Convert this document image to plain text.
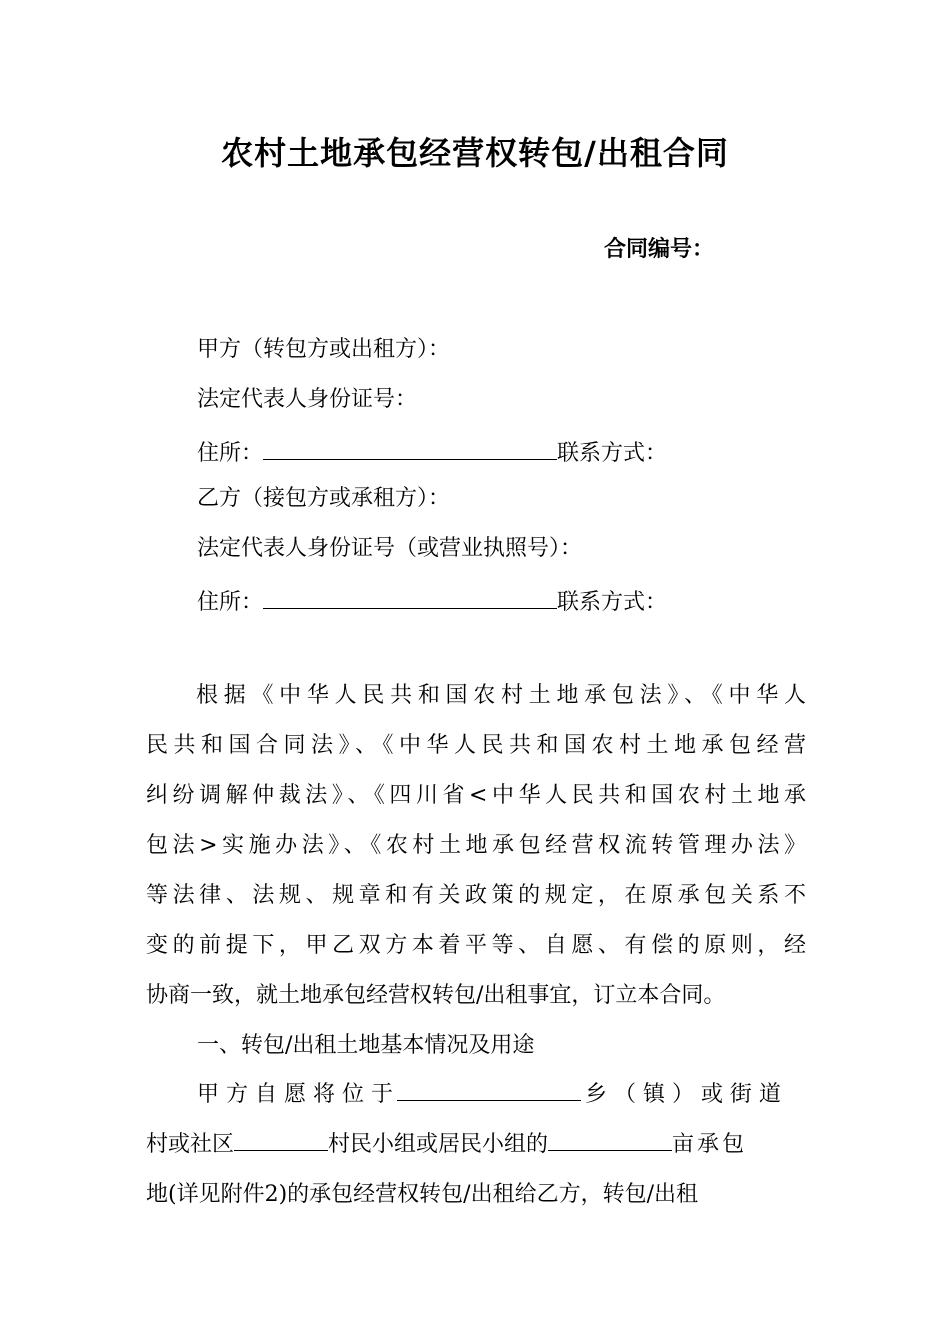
农村土地承包经营权转包/出租合同
合同编号：
甲方（转包方或出租方）：
法定代表人身份证号：
住所：	联系方式：
乙方（接包方或承租方）：
法定代表人身份证号（或营业执照号）：
住所：	联系方式：
根据《中华人民共和国农村土地承包法》、《中华人
民共和国合同法》、《中华人民共和国农村土地承包经营
纠纷调解仲裁法》、《四川省<中华人民共和国农村土地承
包法>实施办法》、《农村土地承包经营权流转管理办法》
等法律、法规、规章和有关政策的规定，在原承包关系不
变的前提下，甲乙双方本着平等、自愿、有偿的原则，经
协商一致，就土地承包经营权转包/出租事宜，订立本合同。
一、转包/出租土地基本情况及用途
甲 方 自 愿 将 位 于	乡 （ 镇 ） 或 街 道
村或社区	村民小组或居民小组的	亩承包
地(详见附件2)的承包经营权转包/出租给乙方，转包/出租
